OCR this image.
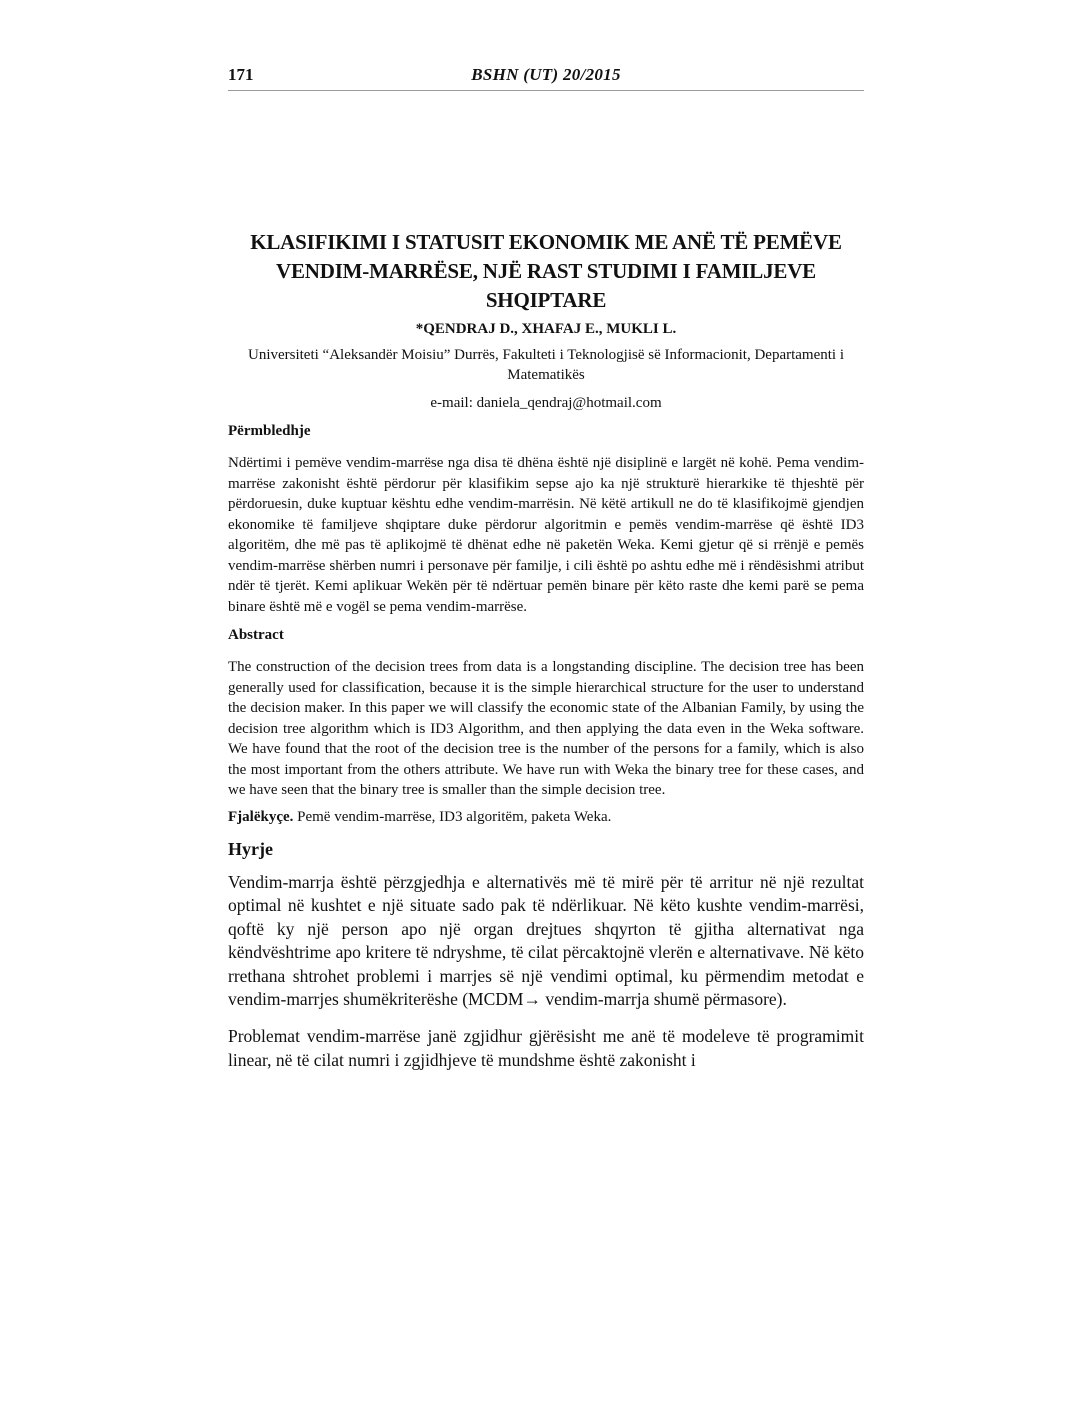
171	BSHN (UT) 20/2015
KLASIFIKIMI I STATUSIT EKONOMIK ME ANË TË PEMËVE VENDIM-MARRËSE, NJË RAST STUDIMI I FAMILJEVE SHQIPTARE

*QENDRAJ D., XHAFAJ E., MUKLI L.

Universiteti “Aleksandër Moisiu” Durrës, Fakulteti i Teknologjisë së Informacionit, Departamenti i Matematikës

e-mail: daniela_qendraj@hotmail.com

Përmbledhje

Ndërtimi i pemëve vendim-marrëse nga disa të dhëna është një disiplinë e largët në kohë. Pema vendim-marrëse zakonisht është përdorur për klasifikim sepse ajo ka një strukturë hierarkike të thjeshtë për përdoruesin, duke kuptuar kështu edhe vendim-marrësin. Në këtë artikull ne do të klasifikojmë gjendjen ekonomike të familjeve shqiptare duke përdorur algoritmin e pemës vendim-marrëse që është ID3 algoritëm, dhe më pas të aplikojmë të dhënat edhe në paketën Weka. Kemi gjetur që si rrënjë e pemës vendim-marrëse shërben numri i personave për familje, i cili është po ashtu edhe më i rëndësishmi atribut ndër të tjerët. Kemi aplikuar Wekën për të ndërtuar pemën binare për këto raste dhe kemi parë se pema binare është më e vogël se pema vendim-marrëse.

Abstract

The construction of the decision trees from data is a longstanding discipline. The decision tree has been generally used for classification, because it is the simple hierarchical structure for the user to understand the decision maker. In this paper we will classify the economic state of the Albanian Family, by using the decision tree algorithm which is ID3 Algorithm, and then applying the data even in the Weka software. We have found that the root of the decision tree is the number of the persons for a family, which is also the most important from the others attribute. We have run with Weka the binary tree for these cases, and we have seen that the binary tree is smaller than the simple decision tree.

Fjalëkyçe. Pemë vendim-marrëse, ID3 algoritëm, paketa Weka.

Hyrje

Vendim-marrja është përzgjedhja e alternativës më të mirë për të arritur në një rezultat optimal në kushtet e një situate sado pak të ndërlikuar. Në këto kushte vendim-marrësi, qoftë ky një person apo një organ drejtues shqyrton të gjitha alternativat nga këndvështrime apo kritere të ndryshme, të cilat përcaktojnë vlerën e alternativave. Në këto rrethana shtrohet problemi i marrjes së një vendimi optimal, ku përmendim metodat e vendim-marrjes shumëkriterëshe (MCDM→ vendim-marrja shumë përmasore).

Problemat vendim-marrëse janë zgjidhur gjërësisht me anë të modeleve të programimit linear, në të cilat numri i zgjidhjeve të mundshme është zakonisht i
